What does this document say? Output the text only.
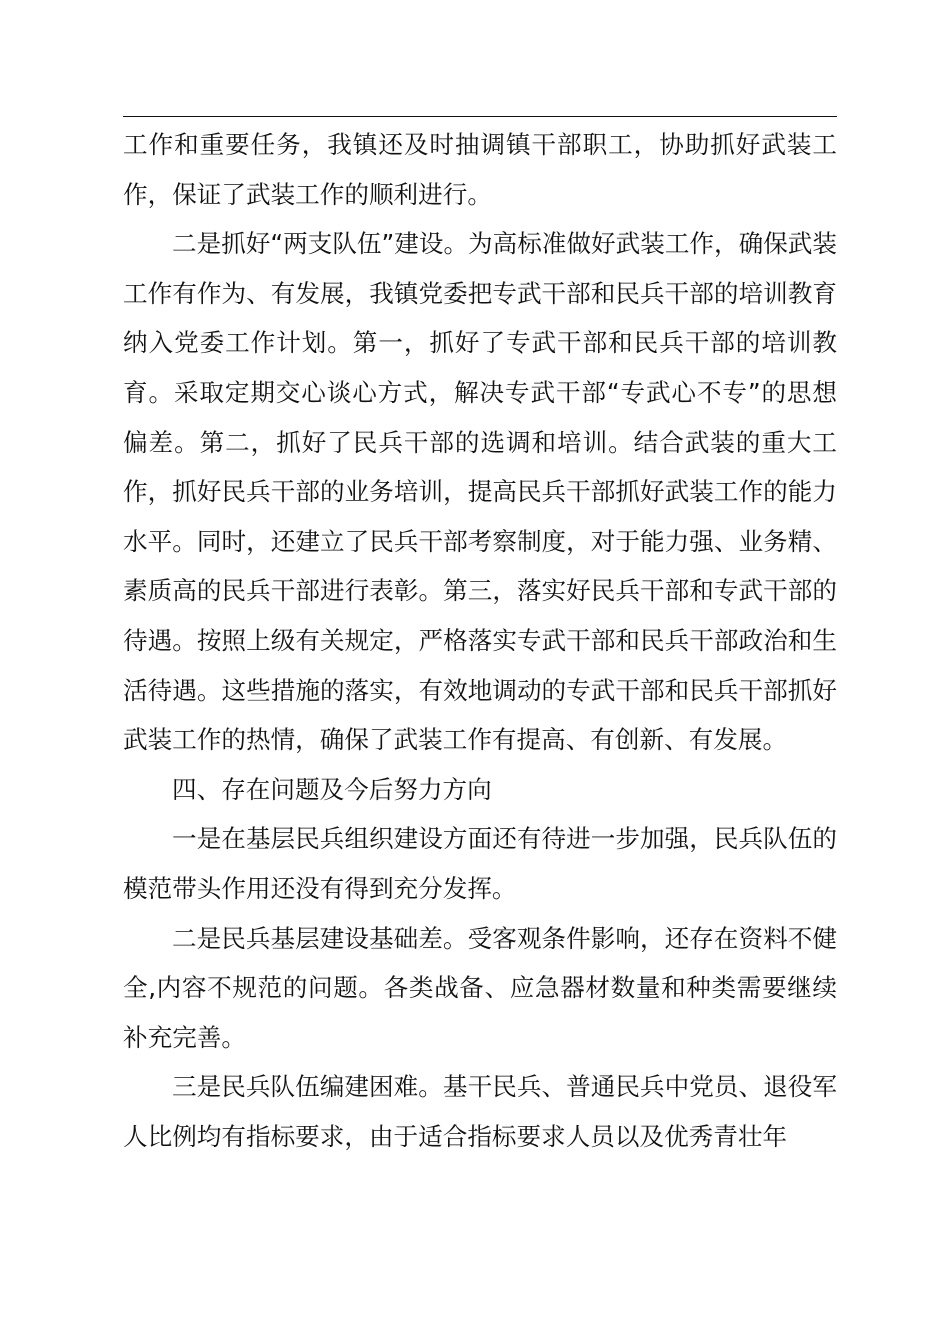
工作和重要任务，我镇还及时抽调镇干部职工，协助抓好武装工作，保证了武装工作的顺利进行。

二是抓好“两支队伍”建设。为高标准做好武装工作，确保武装工作有作为、有发展，我镇党委把专武干部和民兵干部的培训教育纳入党委工作计划。第一，抓好了专武干部和民兵干部的培训教育。采取定期交心谈心方式，解决专武干部“专武心不专”的思想偏差。第二，抓好了民兵干部的选调和培训。结合武装的重大工作，抓好民兵干部的业务培训，提高民兵干部抓好武装工作的能力水平。同时，还建立了民兵干部考察制度，对于能力强、业务精、素质高的民兵干部进行表彰。第三，落实好民兵干部和专武干部的待遇。按照上级有关规定，严格落实专武干部和民兵干部政治和生活待遇。这些措施的落实，有效地调动的专武干部和民兵干部抓好武装工作的热情，确保了武装工作有提高、有创新、有发展。

四、存在问题及今后努力方向

一是在基层民兵组织建设方面还有待进一步加强，民兵队伍的模范带头作用还没有得到充分发挥。

二是民兵基层建设基础差。受客观条件影响，还存在资料不健全,内容不规范的问题。各类战备、应急器材数量和种类需要继续补充完善。

三是民兵队伍编建困难。基干民兵、普通民兵中党员、退役军人比例均有指标要求，由于适合指标要求人员以及优秀青壮年
